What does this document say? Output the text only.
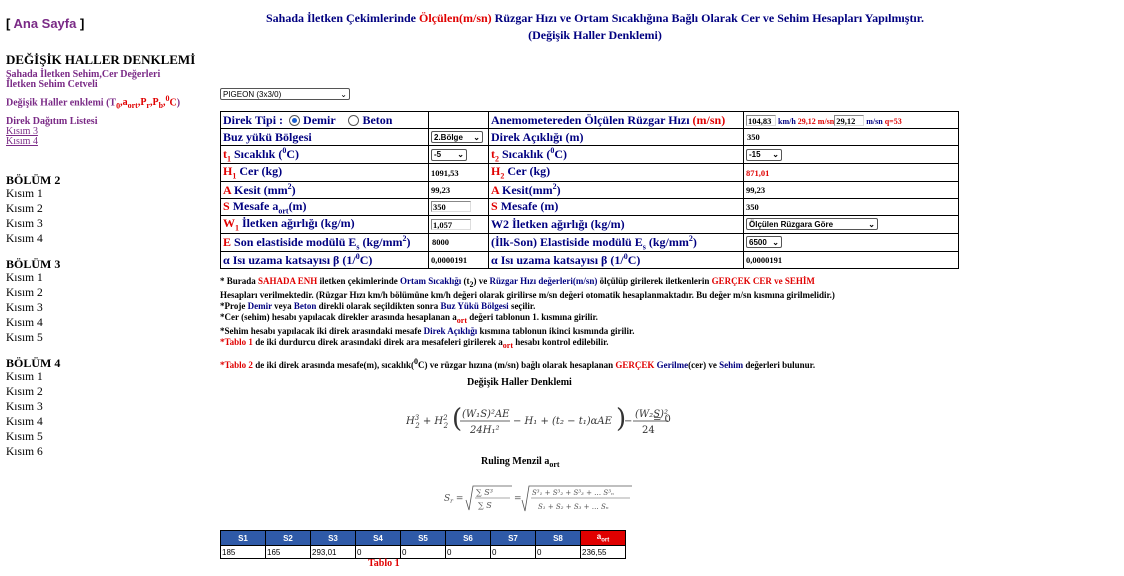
[ Ana Sayfa ]
DEĞİŞİK HALLER DENKLEMİ
Şahada İletken Sehim,Cer Değerleri
İletken Sehim Cetveli
Değişik Haller enklemi $(T_0,a_{ort},P_r,P_b,^0C)$
Direk Dağıtım Listesi
Kısım 3
Kısım 4
BÖLÜM 2
Kısım 1
Kısım 2
Kısım 3
Kısım 4
BÖLÜM 3
Kısım 1
Kısım 2
Kısım 3
Kısım 4
Kısım 5
BÖLÜM 4
Kısım 1
Kısım 2
Kısım 3
Kısım 4
Kısım 5
Kısım 6
Sahada İletken Çekimlerinde Ölçülen(m/sn) Rüzgar Hızı ve Ortam Sıcaklığına Bağlı Olarak Cer ve Sehim Hesapları Yapılmıştır.
(Değişik Haller Denklemi)
PIGEON (3x3/0)	⌄
Direk Tipi : Demir Beton		Anemometereden Ölçülen Rüzgar Hızı (m/sn)	104,83 km/h 29,12 m/sn 29,12 m/sn q=53
Buz yükü Bölgesi	2.Bölge ⌄	Direk Açıklığı (m)	350
$t_1$ Sıcaklık ($^0$C)	-5 ⌄	$t_2$ Sıcaklık ($^0$C)	-15 ⌄

$H_1$ Cer (kg)	1091,53	$H_2$ Cer (kg)	871,01
A Kesit $(mm^2)$	99,23	A $Kesit(mm^2)$	99,23
S Mesafe $a_{ort}(m)$	350	S Mesafe (m)	350
$W_1$ İletken ağırlığı (kg/m)	1,057	W2 İletken ağırlığı (kg/m)	Ölçülen Rüzgara Göre ⌄

E Son elastiside modülü $E_s$ $(kg/mm^2)$	8000	(İlk-Son) Elastiside modülü $E_s$ $(kg/mm^2)$	6500 ⌄

α Isı uzama katsayısı β (1/$^0$C)	0,0000191	α Isı uzama katsayısı β (1/$^0$C)	0,0000191

* Burada SAHADA ENH iletken çekimlerinde Ortam Sıcaklığı $(t_2)$ ve Rüzgar Hızı değerleri(m/sn) ölçülüp girilerek iletkenlerin GERÇEK CER ve SEHİM

Hesapları verilmektedir. (Rüzgar Hızı km/h bölümüne km/h değeri olarak girilirse m/sn değeri otomatik hesaplanmaktadır. Bu değer m/sn kısmına girilmelidir.)

*Proje Demir veya Beton direkli olarak seçildikten sonra Buz Yükü Bölgesi seçilir.

*Cer (sehim) hesabı yapılacak direkler arasında hesaplanan $a_{ort}$ değeri tablonun 1. kısmına girilir.

*Sehim hesabı yapılacak iki direk arasındaki mesafe Direk Açıklığı kısmına tablonun ikinci kısmında girilir.

*Tablo 1 de iki durdurcu direk arasındaki direk ara mesafeleri girilerek $a_{ort}$ hesabı kontrol edilebilir.

*Tablo 2 de iki direk arasında mesafe(m), sıcaklık($^0$C) ve rüzgar hızına (m/sn) bağlı olarak hesaplanan GERÇEK Gerilme(cer) ve Sehim değerleri bulunur.

Değişik Haller Denklemi
$H^3$ $2 + H^2$ 2 ( (W₁S)²AE
24H₁²
− H₁ + (t₂ − t₁)αAE )
−
(W₂S)²
24
= 0
Ruling Menzil $a_{ort}$
$S_r$ =
∑ S³
∑ S
=
S³₁ + S³₂ + S³₃ + … S³ₙ
S₁ + S₂ + S₃ + … Sₙ
S1	S2	S3	S4	S5	S6	S7	S8	$a_{ort}$
185	165	293,01	0	0	0	0	0	236,55
Tablo 1
